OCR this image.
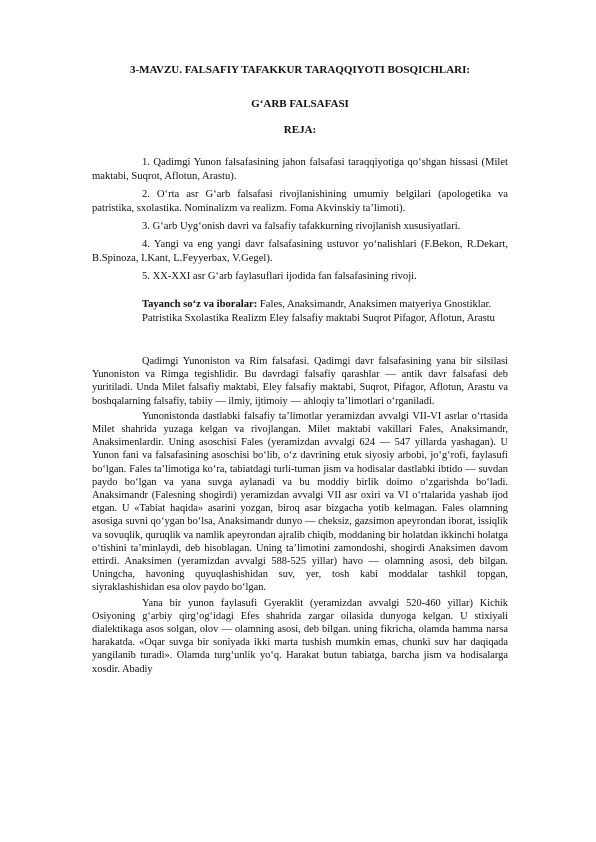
3-MAVZU. FALSAFIY TAFAKKUR TARAQQIYOTI BOSQICHLARI:
G‘ARB FALSAFASI
REJA:
1. Qadimgi Yunon falsafasining jahon falsafasi taraqqiyotiga qo‘shgan hissasi (Milet maktabi, Suqrot, Aflotun, Arastu).
2. O‘rta asr G‘arb falsafasi rivojlanishining umumiy belgilari (apologetika va patristika, sxolastika. Nominalizm va realizm. Foma Akvinskiy ta’limoti).
3. G‘arb Uyg‘onish davri va falsafiy tafakkurning rivojlanish xususiyatlari.
4. Yangi va eng yangi davr falsafasining ustuvor yo‘nalishlari (F.Bekon, R.Dekart, B.Spinoza, I.Kant, L.Feyyerbax, V.Gegel).
5. XX-XXI asr G‘arb faylasuflari ijodida fan falsafasining rivoji.

Tayanch so‘z va iboralar: Fales, Anaksimandr, Anaksimen matyeriya Gnostiklar.

Patristika Sxolastika Realizm Eley falsafiy maktabi Suqrot Pifagor, Aflotun, Arastu

Qadimgi Yunoniston va Rim falsafasi. Qadimgi davr falsafasining yana bir silsilasi Yunoniston va Rimga tegishlidir. Bu davrdagi falsafiy qarashlar — antik davr falsafasi deb yuritiladi. Unda Milet falsafiy maktabi, Eley falsafiy maktabi, Suqrot, Pifagor, Aflotun, Arastu va boshqalarning falsafiy, tabiiy — ilmiy, ijtimoiy — ahloqiy ta’limotlari o‘rganiladi.

Yunonistonda dastlabki falsafiy ta’limotlar yeramizdan avvalgi VII-VI asrlar o‘rtasida Milet shahrida yuzaga kelgan va rivojlangan. Milet maktabi vakillari Fales, Anaksimandr, Anaksimenlardir. Uning asoschisi Fales (yeramizdan avvalgi 624 — 547 yillarda yashagan). U Yunon fani va falsafasining asoschisi bo‘lib, o‘z davrining etuk siyosiy arbobi, jo‘g‘rofi, faylasufi bo‘lgan. Fales ta’limotiga ko‘ra, tabiatdagi turli-tuman jism va hodisalar dastlabki ibtido — suvdan paydo bo‘lgan va yana suvga aylanadi va bu moddiy birlik doimo o‘zgarishda bo‘ladi. Anaksimandr (Falesning shogirdi) yeramizdan avvalgi VII asr oxiri va VI o‘rtalarida yashab ijod etgan. U «Tabiat haqida» asarini yozgan, biroq asar bizgacha yotib kelmagan. Fales olamning asosiga suvni qo‘ygan bo‘lsa, Anaksimandr dunyo — cheksiz, gazsimon apeyrondan iborat, issiqlik va sovuqlik, quruqlik va namlik apeyrondan ajralib chiqib, moddaning bir holatdan ikkinchi holatga o‘tishini ta’minlaydi, deb hisoblagan. Uning ta’limotini zamondoshi, shogirdi Anaksimen davom ettirdi. Anaksimen (yeramizdan avvalgi 588-525 yillar) havo — olamning asosi, deb bilgan. Uningcha, havoning quyuqlashishidan suv, yer, tosh kabi moddalar tashkil topgan, siyraklashishidan esa olov paydo bo‘lgan.

Yana bir yunon faylasufi Gyeraklit (yeramizdan avvalgi 520-460 yillar) Kichik Osiyoning g‘arbiy qirg‘og‘idagi Efes shahrida zargar oilasida dunyoga kelgan. U stixiyali dialektikaga asos solgan, olov — olamning asosi, deb bilgan. uning fikricha, olamda hamma narsa harakatda. «Oqar suvga bir soniyada ikki marta tushish mumkin emas, chunki suv har daqiqada yangilanib turadi». Olamda turg‘unlik yo‘q. Harakat butun tabiatga, barcha jism va hodisalarga xosdir. Abadiy
